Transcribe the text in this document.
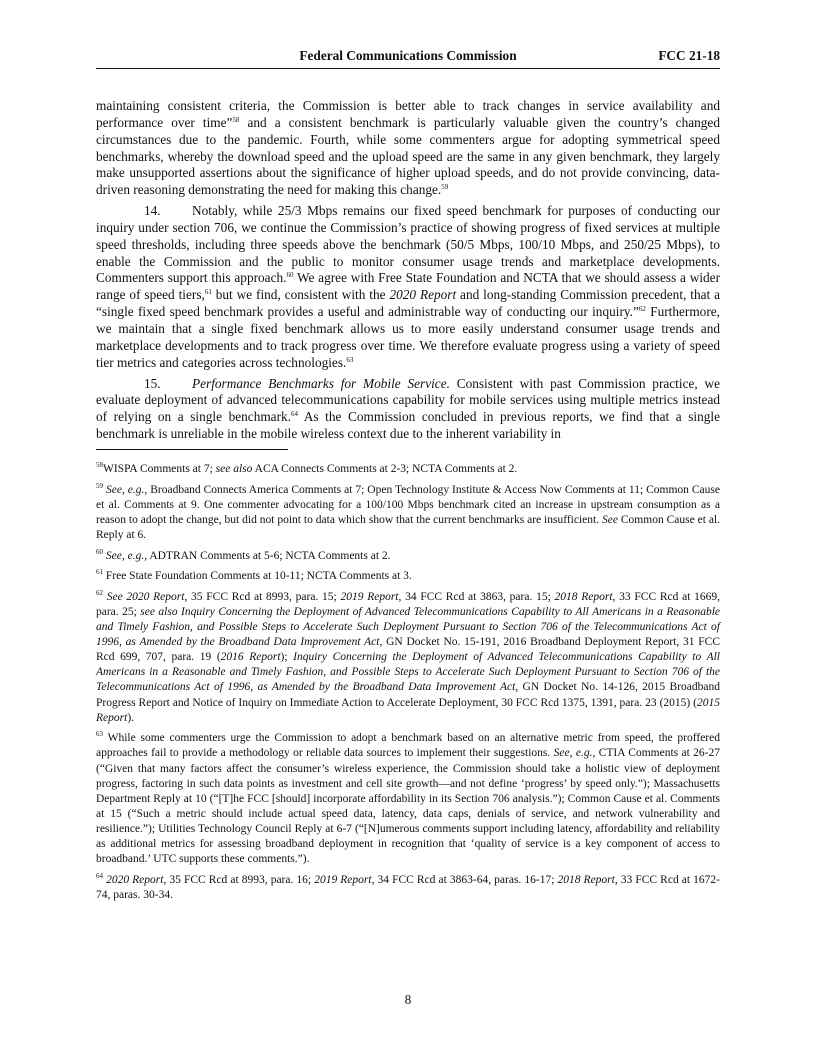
Federal Communications Commission	FCC 21-18

maintaining consistent criteria, the Commission is better able to track changes in service availability and performance over time”$^{58}$ and a consistent benchmark is particularly valuable given the country’s changed circumstances due to the pandemic. Fourth, while some commenters argue for adopting symmetrical speed benchmarks, whereby the download speed and the upload speed are the same in any given benchmark, they largely make unsupported assertions about the significance of higher upload speeds, and do not provide convincing, data-driven reasoning demonstrating the need for making this change.$^{59}$

14. Notably, while 25/3 Mbps remains our fixed speed benchmark for purposes of conducting our inquiry under section 706, we continue the Commission’s practice of showing progress of fixed services at multiple speed thresholds, including three speeds above the benchmark (50/5 Mbps, 100/10 Mbps, and 250/25 Mbps), to enable the Commission and the public to monitor consumer usage trends and marketplace developments. Commenters support this approach.$^{60}$ We agree with Free State Foundation and NCTA that we should assess a wider range of speed tiers,$^{61}$ but we find, consistent with the 2020 Report and long-standing Commission precedent, that a “single fixed speed benchmark provides a useful and administrable way of conducting our inquiry.”$^{62}$ Furthermore, we maintain that a single fixed benchmark allows us to more easily understand consumer usage trends and marketplace developments and to track progress over time. We therefore evaluate progress using a variety of speed tier metrics and categories across technologies.$^{63}$

15. Performance Benchmarks for Mobile Service. Consistent with past Commission practice, we evaluate deployment of advanced telecommunications capability for mobile services using multiple metrics instead of relying on a single benchmark.$^{64}$ As the Commission concluded in previous reports, we find that a single benchmark is unreliable in the mobile wireless context due to the inherent variability in

$^{58}$WISPA Comments at 7; see also ACA Connects Comments at 2-3; NCTA Comments at 2.

$^{59}$ See, e.g., Broadband Connects America Comments at 7; Open Technology Institute & Access Now Comments at 11; Common Cause et al. Comments at 9. One commenter advocating for a 100/100 Mbps benchmark cited an increase in upstream consumption as a reason to adopt the change, but did not point to data which show that the current benchmarks are insufficient. See Common Cause et al. Reply at 6.

$^{60}$ See, e.g., ADTRAN Comments at 5-6; NCTA Comments at 2.

$^{61}$ Free State Foundation Comments at 10-11; NCTA Comments at 3.

$^{62}$ See 2020 Report, 35 FCC Rcd at 8993, para. 15; 2019 Report, 34 FCC Rcd at 3863, para. 15; 2018 Report, 33 FCC Rcd at 1669, para. 25; see also Inquiry Concerning the Deployment of Advanced Telecommunications Capability to All Americans in a Reasonable and Timely Fashion, and Possible Steps to Accelerate Such Deployment Pursuant to Section 706 of the Telecommunications Act of 1996, as Amended by the Broadband Data Improvement Act, GN Docket No. 15-191, 2016 Broadband Deployment Report, 31 FCC Rcd 699, 707, para. 19 (2016 Report); Inquiry Concerning the Deployment of Advanced Telecommunications Capability to All Americans in a Reasonable and Timely Fashion, and Possible Steps to Accelerate Such Deployment Pursuant to Section 706 of the Telecommunications Act of 1996, as Amended by the Broadband Data Improvement Act, GN Docket No. 14-126, 2015 Broadband Progress Report and Notice of Inquiry on Immediate Action to Accelerate Deployment, 30 FCC Rcd 1375, 1391, para. 23 (2015) (2015 Report).

$^{63}$ While some commenters urge the Commission to adopt a benchmark based on an alternative metric from speed, the proffered approaches fail to provide a methodology or reliable data sources to implement their suggestions. See, e.g., CTIA Comments at 26-27 (“Given that many factors affect the consumer’s wireless experience, the Commission should take a holistic view of deployment progress, factoring in such data points as investment and cell site growth—and not define ‘progress’ by speed only.”); Massachusetts Department Reply at 10 (“[T]he FCC [should] incorporate affordability in its Section 706 analysis.”); Common Cause et al. Comments at 15 (“Such a metric should include actual speed data, latency, data caps, denials of service, and network vulnerability and resilience.”); Utilities Technology Council Reply at 6-7 (“[N]umerous comments support including latency, affordability and reliability as additional metrics for assessing broadband deployment in recognition that ‘quality of service is a key component of access to broadband.’ UTC supports these comments.”).

$^{64}$ 2020 Report, 35 FCC Rcd at 8993, para. 16; 2019 Report, 34 FCC Rcd at 3863-64, paras. 16-17; 2018 Report, 33 FCC Rcd at 1672-74, paras. 30-34.

8
